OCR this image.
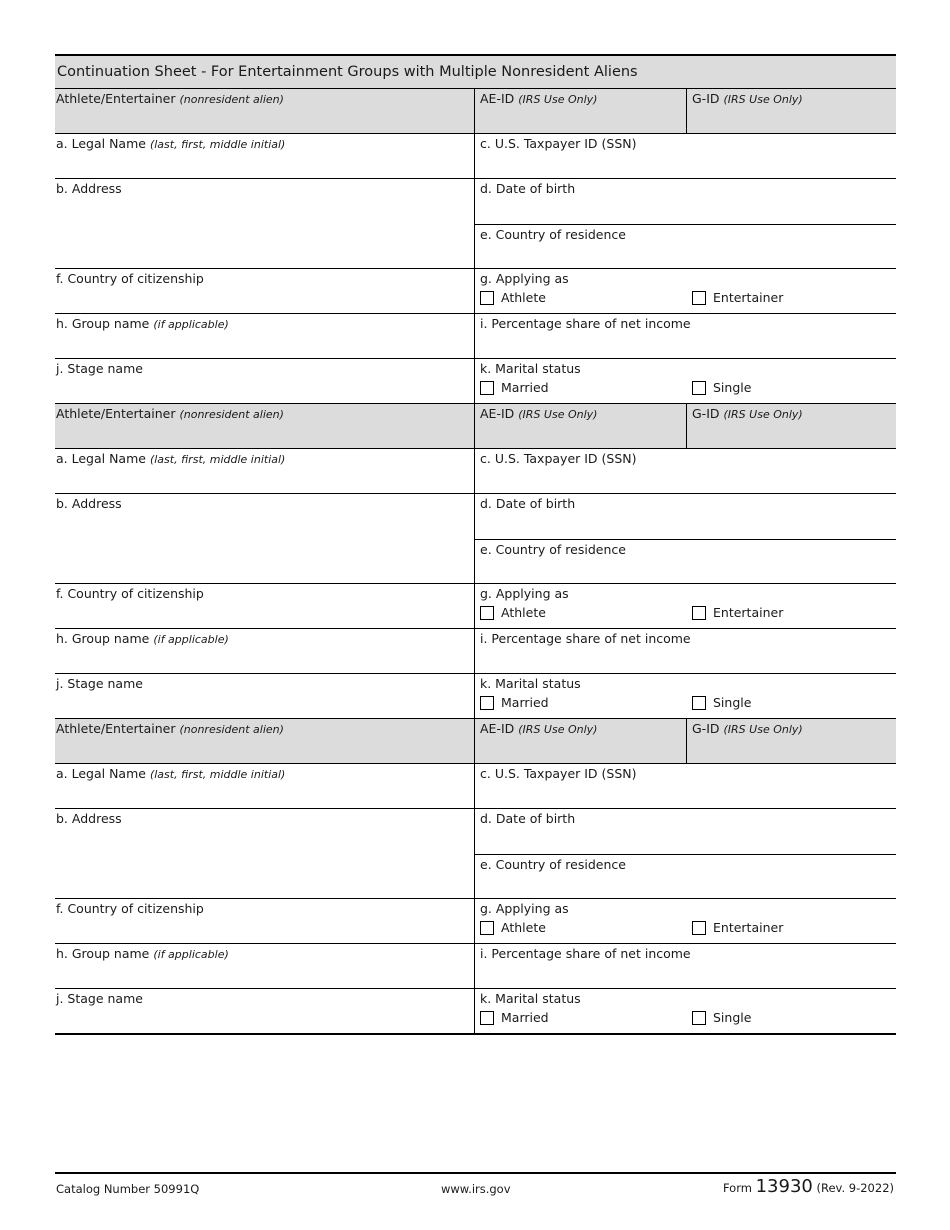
Continuation Sheet - For Entertainment Groups with Multiple Nonresident Aliens
Athlete/Entertainer (nonresident alien)	AE-ID (IRS Use Only)	G-ID (IRS Use Only)
a. Legal Name (last, first, middle initial)	c. U.S. Taxpayer ID (SSN)
b. Address	d. Date of birth
e. Country of residence
f. Country of citizenship	g. Applying as
Athlete	Entertainer
h. Group name (if applicable)	i. Percentage share of net income
j. Stage name	k. Marital status
Married	Single
Athlete/Entertainer (nonresident alien)	AE-ID (IRS Use Only)	G-ID (IRS Use Only)
a. Legal Name (last, first, middle initial)	c. U.S. Taxpayer ID (SSN)
b. Address	d. Date of birth
e. Country of residence
f. Country of citizenship	g. Applying as
Athlete	Entertainer
h. Group name (if applicable)	i. Percentage share of net income
j. Stage name	k. Marital status
Married	Single
Athlete/Entertainer (nonresident alien)	AE-ID (IRS Use Only)	G-ID (IRS Use Only)
a. Legal Name (last, first, middle initial)	c. U.S. Taxpayer ID (SSN)
b. Address	d. Date of birth
e. Country of residence
f. Country of citizenship	g. Applying as
Athlete	Entertainer
h. Group name (if applicable)	i. Percentage share of net income
j. Stage name	k. Marital status
Married	Single
Catalog Number 50991Q	www.irs.gov	Form 13930 (Rev. 9-2022)
